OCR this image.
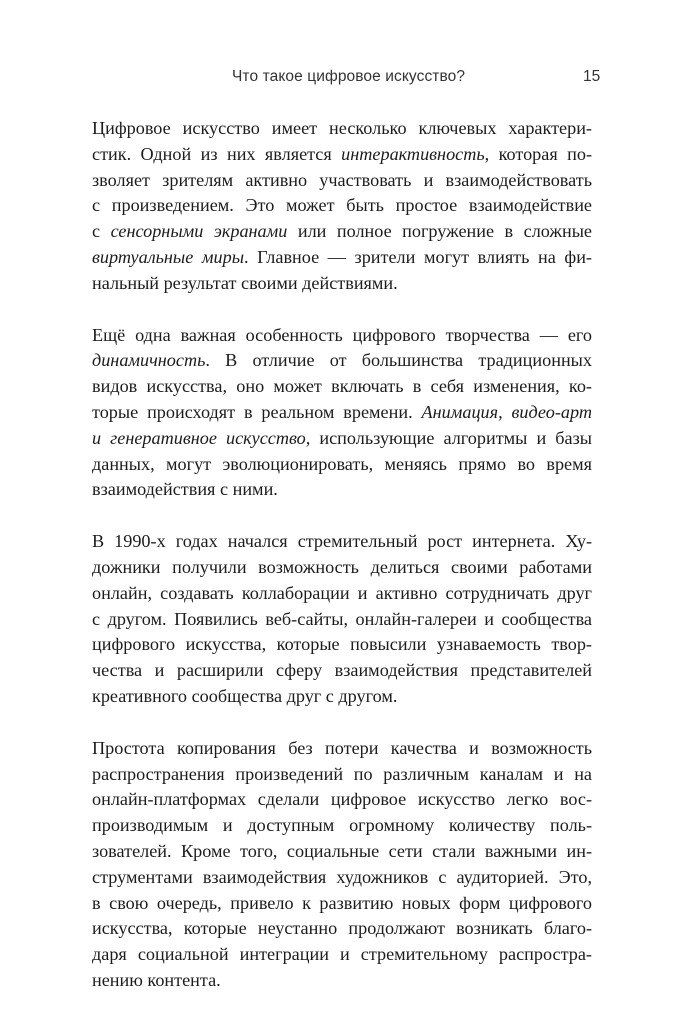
Что такое цифровое искусство?	15

Цифровое искусство имеет несколько ключевых характери-
стик. Одной из них является интерактивность, которая по-
зволяет зрителям активно участвовать и взаимодействовать
с произведением. Это может быть простое взаимодействие
с сенсорными экранами или полное погружение в сложные
виртуальные миры. Главное — зрители могут влиять на фи-
нальный результат своими действиями.

Ещё одна важная особенность цифрового творчества — его
динамичность. В отличие от большинства традиционных
видов искусства, оно может включать в себя изменения, ко-
торые происходят в реальном времени. Анимация, видео-арт
и генеративное искусство, использующие алгоритмы и базы
данных, могут эволюционировать, меняясь прямо во время
взаимодействия с ними.

В 1990-х годах начался стремительный рост интернета. Ху-
дожники получили возможность делиться своими работами
онлайн, создавать коллаборации и активно сотрудничать друг
с другом. Появились веб-сайты, онлайн-галереи и сообщества
цифрового искусства, которые повысили узнаваемость твор-
чества и расширили сферу взаимодействия представителей
креативного сообщества друг с другом.

Простота копирования без потери качества и возможность
распространения произведений по различным каналам и на
онлайн-платформах сделали цифровое искусство легко вос-
производимым и доступным огромному количеству поль-
зователей. Кроме того, социальные сети стали важными ин-
струментами взаимодействия художников с аудиторией. Это,
в свою очередь, привело к развитию новых форм цифрового
искусства, которые неустанно продолжают возникать благо-
даря социальной интеграции и стремительному распростра-
нению контента.
